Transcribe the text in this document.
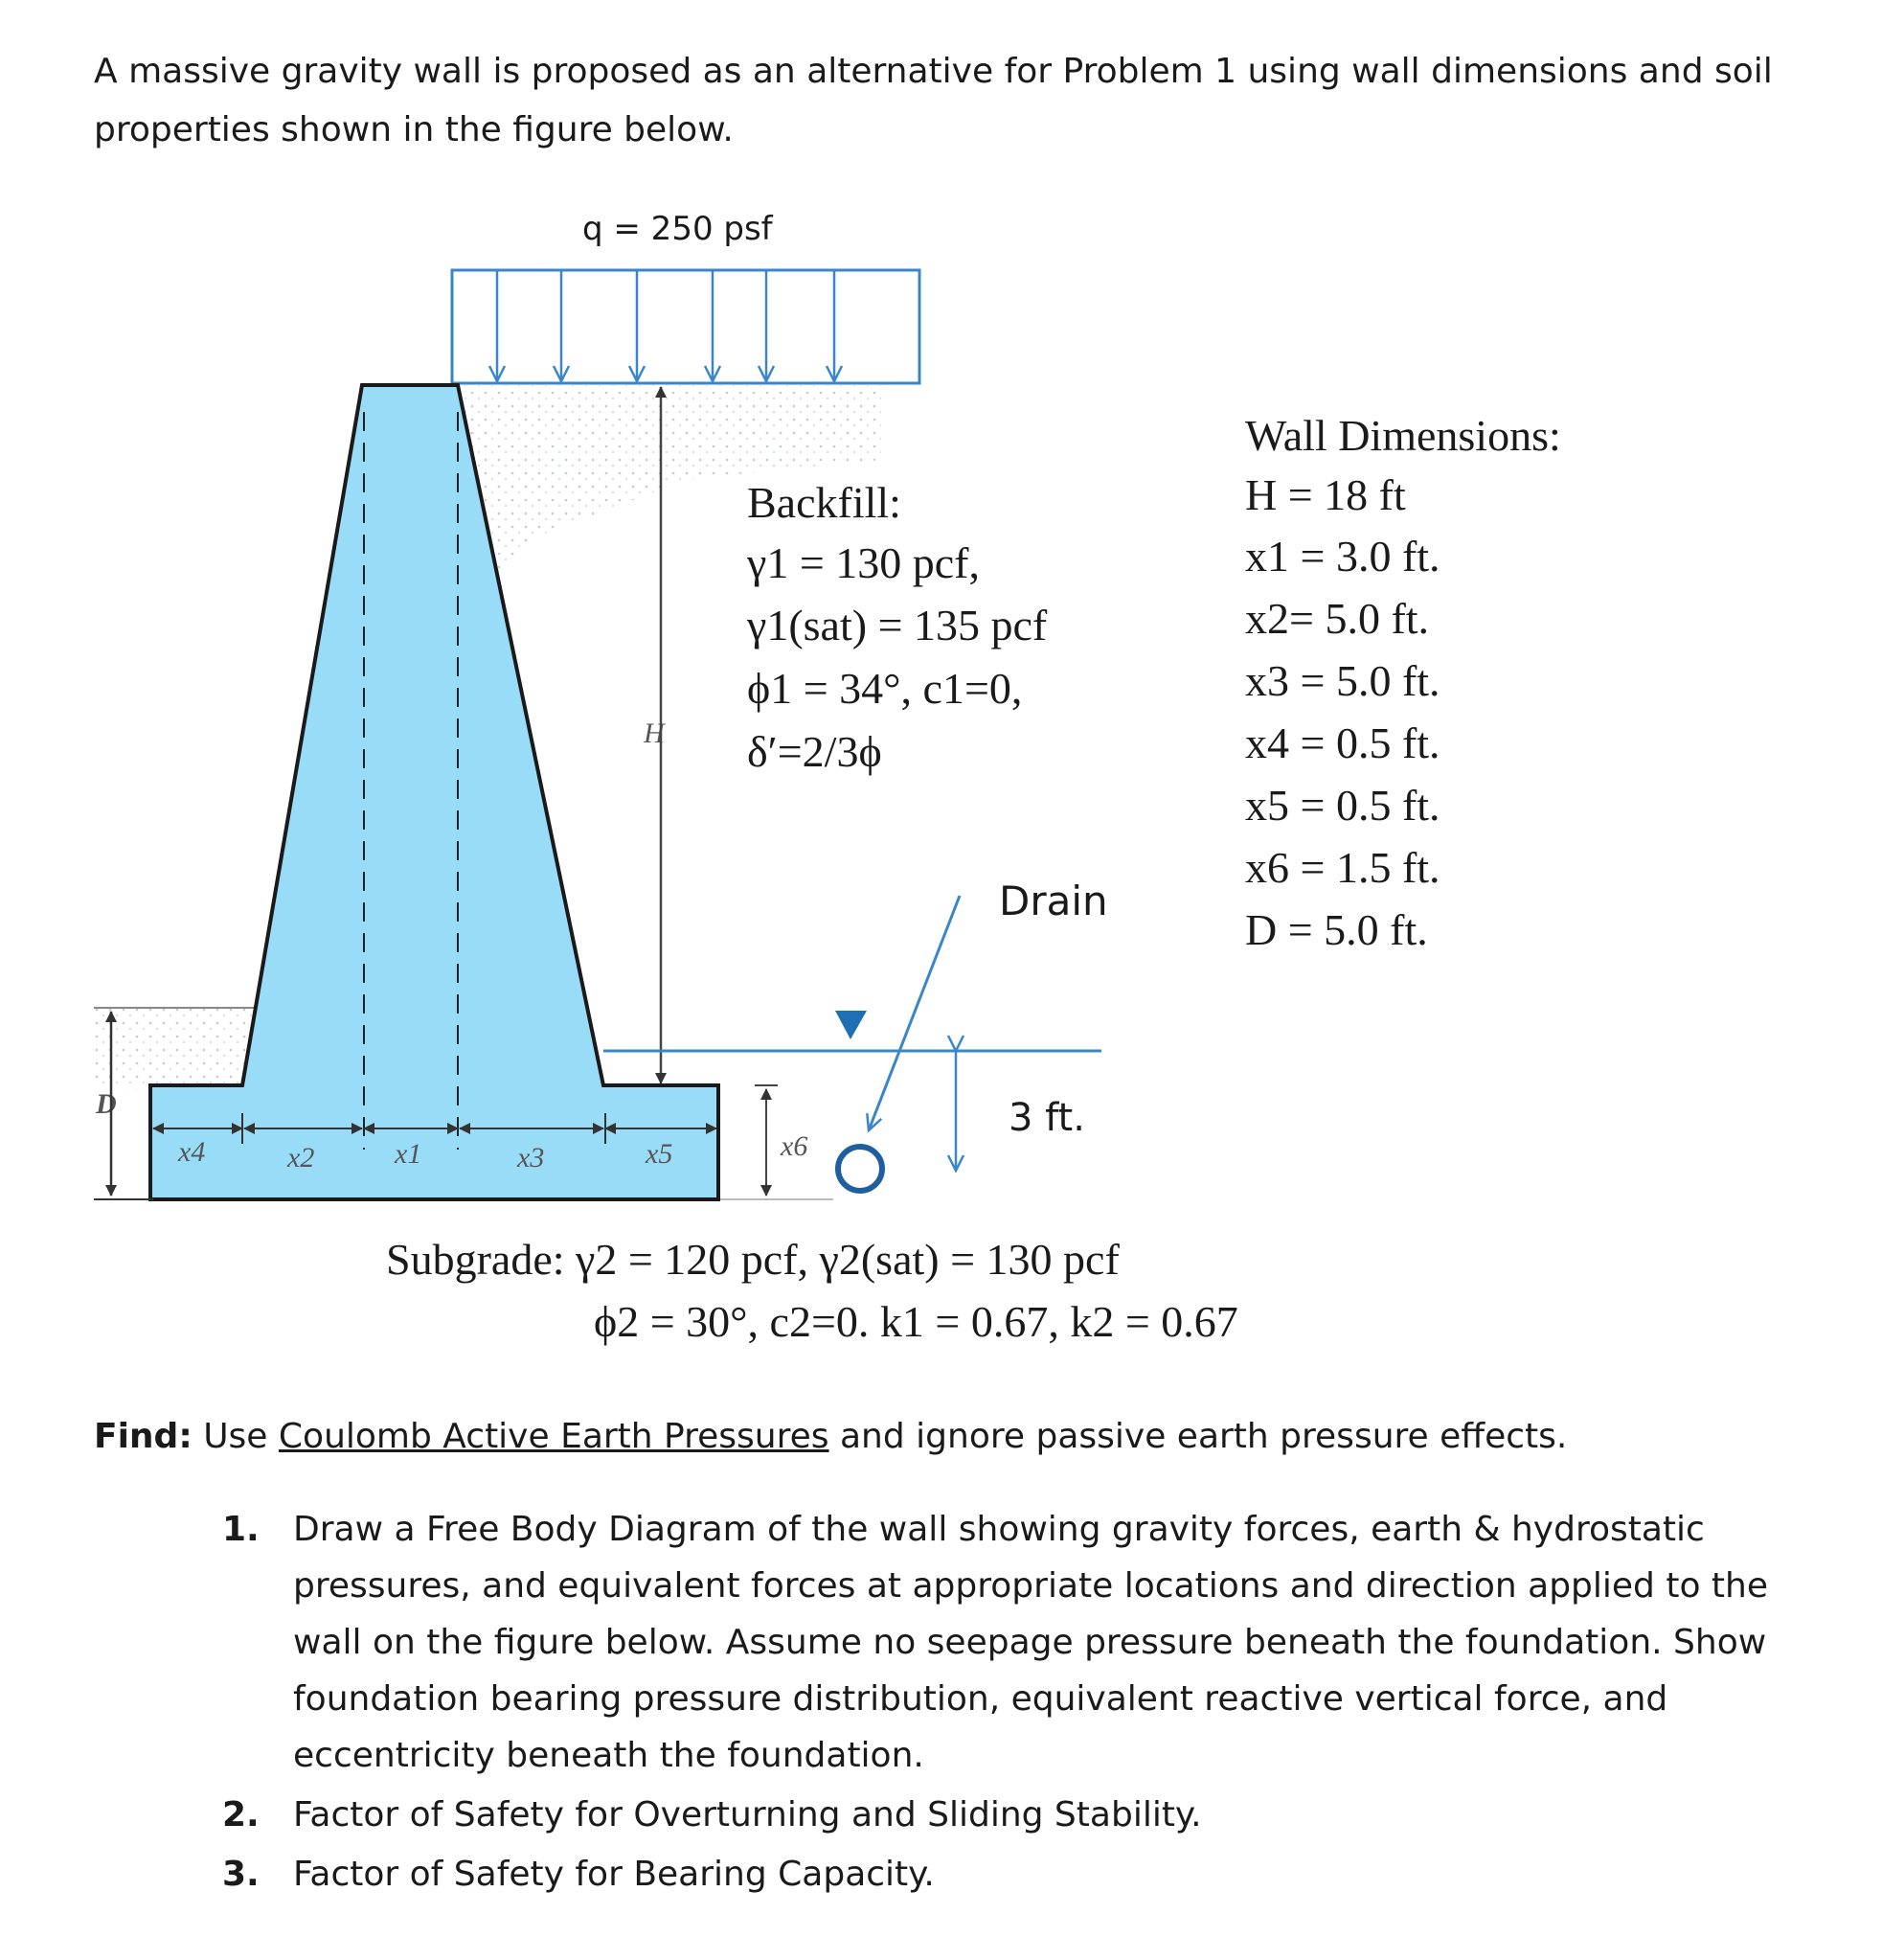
A massive gravity wall is proposed as an alternative for Problem 1 using wall dimensions and soil properties shown in the figure below.

q = 250 psf
x4	x2	x1	x3	x5	x6
H
D	3 ft.
Drain
Backfill:
γ1 = 130 pcf,
γ1(sat) = 135 pcf
ϕ1 = 34°, c1=0,
δ′=2/3ϕ
Wall Dimensions:
H = 18 ft
x1 = 3.0 ft.
x2= 5.0 ft.
x3 = 5.0 ft.
x4 = 0.5 ft.
x5 = 0.5 ft.
x6 = 1.5 ft.
D = 5.0 ft.
Subgrade: γ2 = 120 pcf, γ2(sat) = 130 pcf
ϕ2 = 30°, c2=0. k1 = 0.67, k2 = 0.67

Find: Use Coulomb Active Earth Pressures and ignore passive earth pressure effects.

1. Draw a Free Body Diagram of the wall showing gravity forces, earth & hydrostatic pressures, and equivalent forces at appropriate locations and direction applied to the wall on the figure below. Assume no seepage pressure beneath the foundation. Show foundation bearing pressure distribution, equivalent reactive vertical force, and eccentricity beneath the foundation.
2. Factor of Safety for Overturning and Sliding Stability.
3. Factor of Safety for Bearing Capacity.
